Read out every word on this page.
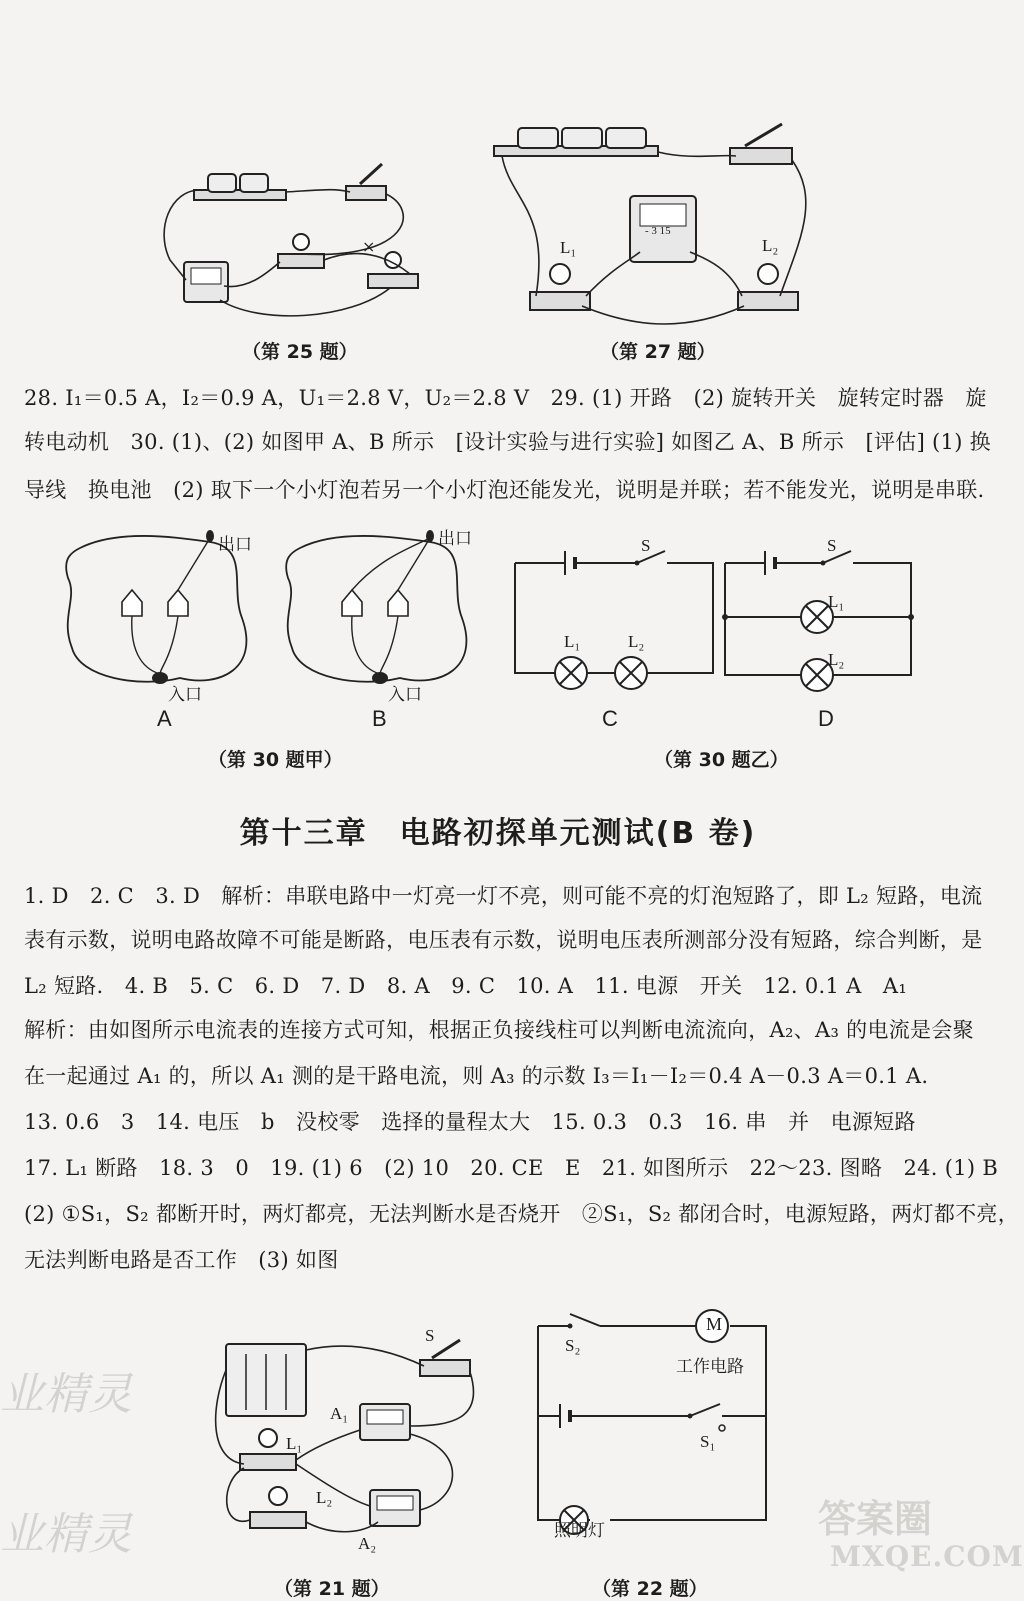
×
（第 25 题）
L₁	L₂
- 3 15
（第 27 题）
28. I₁＝0.5 A，I₂＝0.9 A，U₁＝2.8 V，U₂＝2.8 V　29. (1) 开路　(2) 旋转开关　旋转定时器　旋
转电动机　30. (1)、(2) 如图甲 A、B 所示　[设计实验与进行实验] 如图乙 A、B 所示　[评估] (1) 换
导线　换电池　(2) 取下一个小灯泡若另一个小灯泡还能发光，说明是并联；若不能发光，说明是串联.
出口
入口
出口
入口
A	B
（第 30 题甲）
S
L₁	L₂
S
L₁
L₂
C	D
（第 30 题乙）
第十三章　电路初探单元测试(B 卷)
1. D　2. C　3. D　解析：串联电路中一灯亮一灯不亮，则可能不亮的灯泡短路了，即 L₂ 短路，电流
表有示数，说明电路故障不可能是断路，电压表有示数，说明电压表所测部分没有短路，综合判断，是
L₂ 短路.　4. B　5. C　6. D　7. D　8. A　9. C　10. A　11. 电源　开关　12. 0.1 A　A₁
解析：由如图所示电流表的连接方式可知，根据正负接线柱可以判断电流流向，A₂、A₃ 的电流是会聚
在一起通过 A₁ 的，所以 A₁ 测的是干路电流，则 A₃ 的示数 I₃＝I₁－I₂＝0.4 A－0.3 A＝0.1 A.
13. 0.6　3　14. 电压　b　没校零　选择的量程太大　15. 0.3　0.3　16. 串　并　电源短路
17. L₁ 断路　18. 3　0　19. (1) 6　(2) 10　20. CE　E　21. 如图所示　22～23. 图略　24. (1) B
(2) ①S₁，S₂ 都断开时，两灯都亮，无法判断水是否烧开　②S₁，S₂ 都闭合时，电源短路，两灯都不亮，
无法判断电路是否工作　(3) 如图
业精灵
业精灵	答案圈
MXQE.COM
S
A₁
L₁
L₂
A₂
（第 21 题）
M
S₂
工作电路
S₁
照明灯
（第 22 题）
